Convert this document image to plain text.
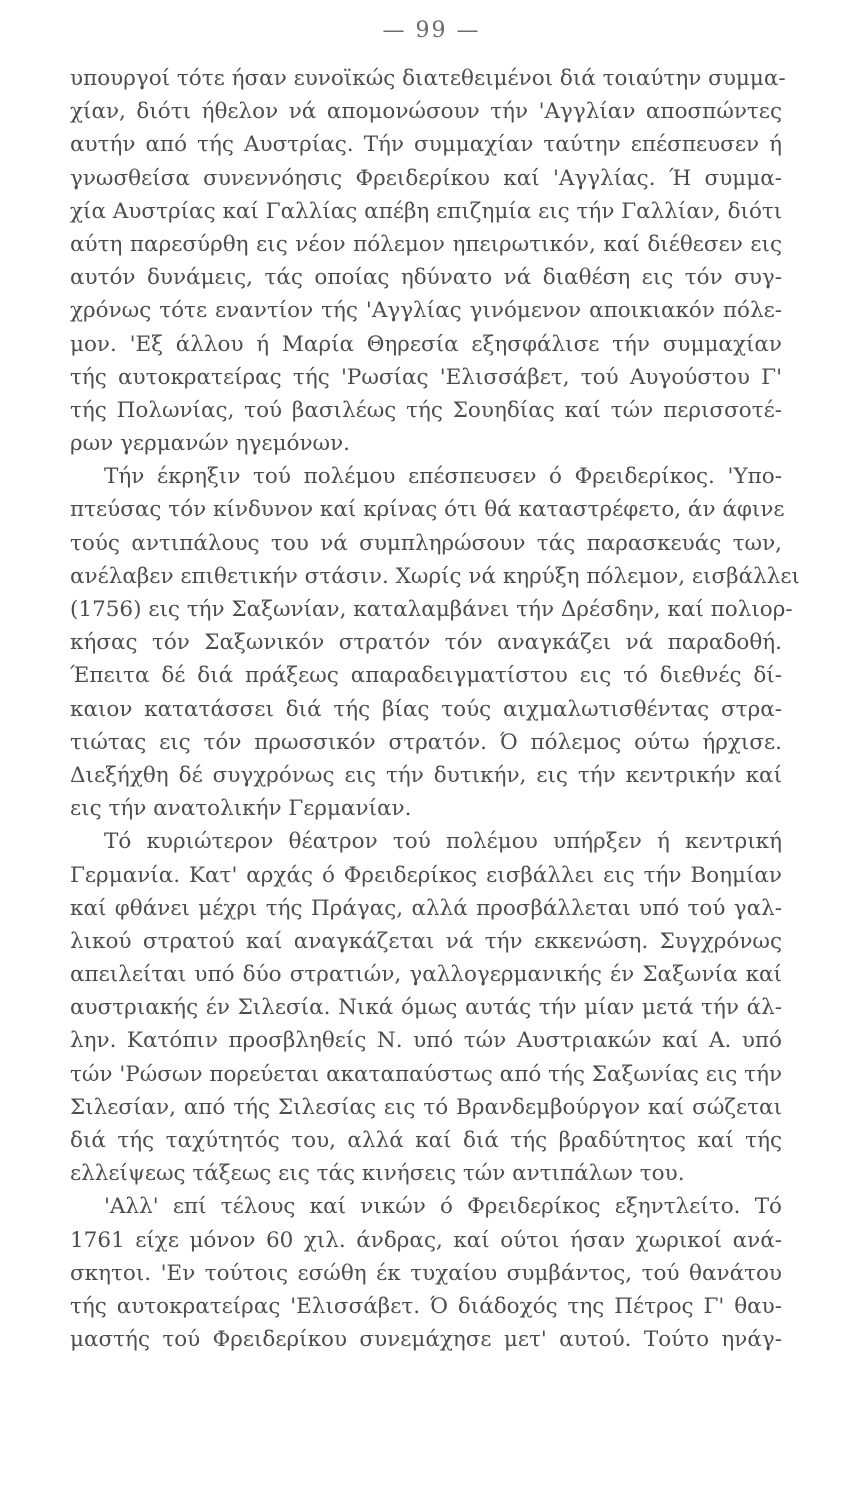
— 99 —
υπουργοί τότε ήσαν ευνοϊκώς διατεθειμένοι διά τοιαύτην συμμα-
χίαν, διότι ήθελον νά απομονώσουν τήν 'Αγγλίαν αποσπώντες
αυτήν από τής Αυστρίας. Τήν συμμαχίαν ταύτην επέσπευσεν ή
γνωσθείσα συνεννόησις Φρειδερίκου καί 'Αγγλίας. Ή συμμα-
χία Αυστρίας καί Γαλλίας απέβη επιζημία εις τήν Γαλλίαν, διότι
αύτη παρεσύρθη εις νέον πόλεμον ηπειρωτικόν, καί διέθεσεν εις
αυτόν δυνάμεις, τάς οποίας ηδύνατο νά διαθέση εις τόν συγ-
χρόνως τότε εναντίον τής 'Αγγλίας γινόμενον αποικιακόν πόλε-
μον. 'Εξ άλλου ή Μαρία Θηρεσία εξησφάλισε τήν συμμαχίαν
τής αυτοκρατείρας τής 'Ρωσίας 'Ελισσάβετ, τού Αυγούστου Γ'
τής Πολωνίας, τού βασιλέως τής Σουηδίας καί τών περισσοτέ-
ρων γερμανών ηγεμόνων.
Τήν έκρηξιν τού πολέμου επέσπευσεν ό Φρειδερίκος. 'Υπο-
πτεύσας τόν κίνδυνον καί κρίνας ότι θά καταστρέφετο, άν άφινε
τούς αντιπάλους του νά συμπληρώσουν τάς παρασκευάς των,
ανέλαβεν επιθετικήν στάσιν. Χωρίς νά κηρύξη πόλεμον, εισβάλλει
(1756) εις τήν Σαξωνίαν, καταλαμβάνει τήν Δρέσδην, καί πολιορ-
κήσας τόν Σαξωνικόν στρατόν τόν αναγκάζει νά παραδοθή.
Έπειτα δέ διά πράξεως απαραδειγματίστου εις τό διεθνές δί-
καιον κατατάσσει διά τής βίας τούς αιχμαλωτισθέντας στρα-
τιώτας εις τόν πρωσσικόν στρατόν. Ό πόλεμος ούτω ήρχισε.
Διεξήχθη δέ συγχρόνως εις τήν δυτικήν, εις τήν κεντρικήν καί
εις τήν ανατολικήν Γερμανίαν.
Τό κυριώτερον θέατρον τού πολέμου υπήρξεν ή κεντρική
Γερμανία. Κατ' αρχάς ό Φρειδερίκος εισβάλλει εις τήν Βοημίαν
καί φθάνει μέχρι τής Πράγας, αλλά προσβάλλεται υπό τού γαλ-
λικού στρατού καί αναγκάζεται νά τήν εκκενώση. Συγχρόνως
απειλείται υπό δύο στρατιών, γαλλογερμανικής έν Σαξωνία καί
αυστριακής έν Σιλεσία. Νικά όμως αυτάς τήν μίαν μετά τήν άλ-
λην. Κατόπιν προσβληθείς Ν. υπό τών Αυστριακών καί Α. υπό
τών 'Ρώσων πορεύεται ακαταπαύστως από τής Σαξωνίας εις τήν
Σιλεσίαν, από τής Σιλεσίας εις τό Βρανδεμβούργον καί σώζεται
διά τής ταχύτητός του, αλλά καί διά τής βραδύτητος καί τής
ελλείψεως τάξεως εις τάς κινήσεις τών αντιπάλων του.
'Αλλ' επί τέλους καί νικών ό Φρειδερίκος εξηντλείτο. Τό
1761 είχε μόνον 60 χιλ. άνδρας, καί ούτοι ήσαν χωρικοί ανά-
σκητοι. 'Εν τούτοις εσώθη έκ τυχαίου συμβάντος, τού θανάτου
τής αυτοκρατείρας 'Ελισσάβετ. Ό διάδοχός της Πέτρος Γ' θαυ-
μαστής τού Φρειδερίκου συνεμάχησε μετ' αυτού. Τούτο ηνάγ-
